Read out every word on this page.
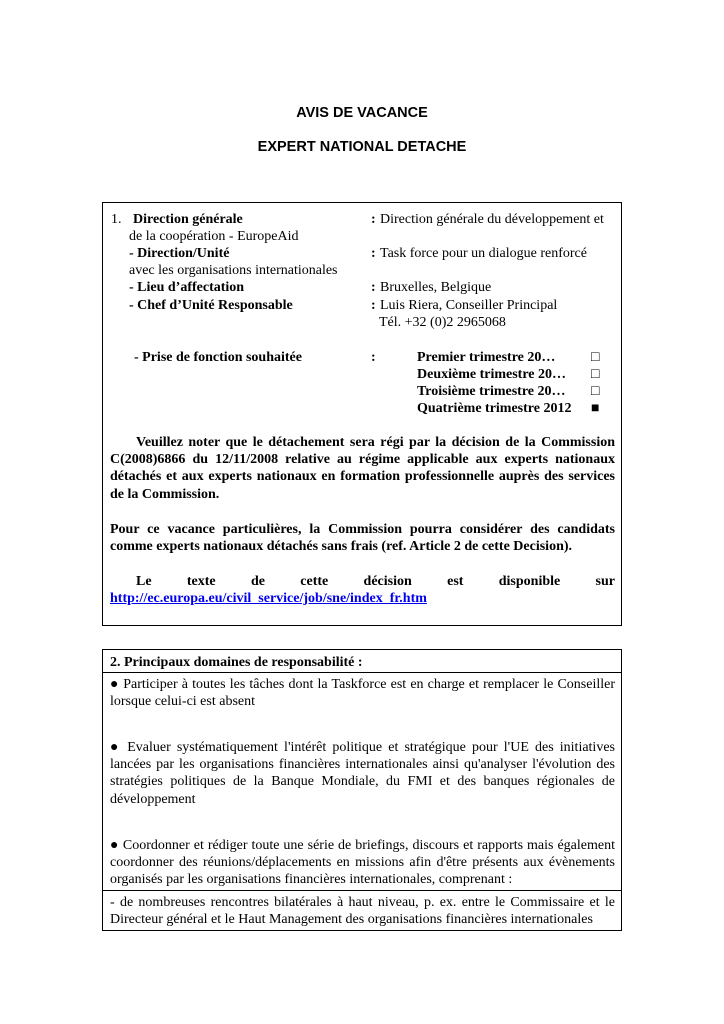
AVIS DE VACANCE
EXPERT NATIONAL DETACHE
1. Direction générale	: Direction générale du développement et
de la coopération - EuropeAid
- Direction/Unité	: Task force pour un dialogue renforcé
avec les organisations internationales
- Lieu d’affectation	: Bruxelles, Belgique
- Chef d’Unité Responsable	: Luis Riera, Conseiller Principal
Tél. +32 (0)2 2965068
- Prise de fonction souhaitée	:	Premier trimestre 20…	□
Deuxième trimestre 20… □
Troisième trimestre 20… □
Quatrième trimestre 2012 ■
Veuillez noter que le détachement sera régi par la décision de la Commission C(2008)6866 du 12/11/2008 relative au régime applicable aux experts nationaux détachés et aux experts nationaux en formation professionnelle auprès des services de la Commission.
Pour ce vacance particulières, la Commission pourra considérer des candidats comme experts nationaux détachés sans frais (ref. Article 2 de cette Decision).
Le texte de cette décision est disponible sur
http://ec.europa.eu/civil_service/job/sne/index_fr.htm
2. Principaux domaines de responsabilité :
● Participer à toutes les tâches dont la Taskforce est en charge et remplacer le Conseiller lorsque celui-ci est absent
● Evaluer systématiquement l'intérêt politique et stratégique pour l'UE des initiatives lancées par les organisations financières internationales ainsi qu'analyser l'évolution des stratégies politiques de la Banque Mondiale, du FMI et des banques régionales de développement
● Coordonner et rédiger toute une série de briefings, discours et rapports mais également coordonner des réunions/déplacements en missions afin d'être présents aux évènements organisés par les organisations financières internationales, comprenant :
- de nombreuses rencontres bilatérales à haut niveau, p. ex. entre le Commissaire et le Directeur général et le Haut Management des organisations financières internationales
